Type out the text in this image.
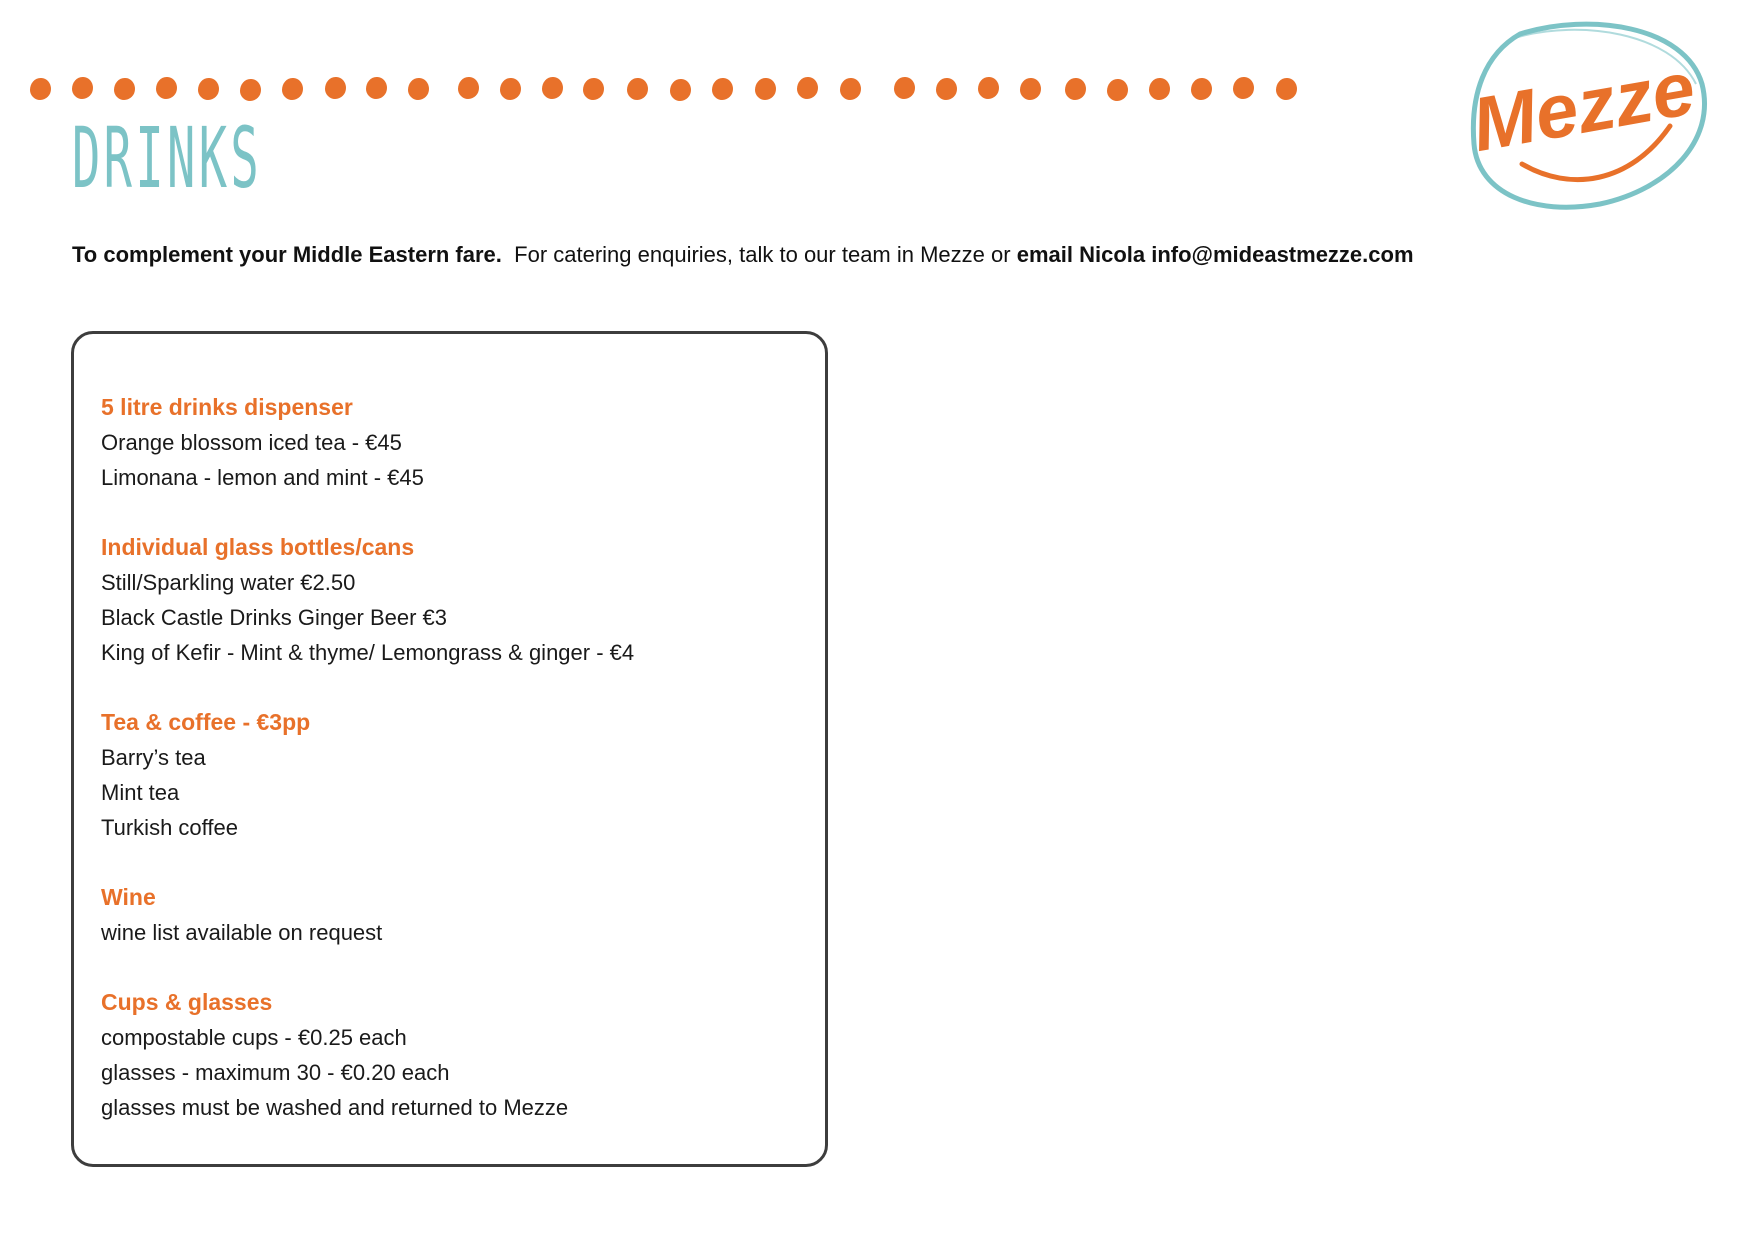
DRINKS	Mezze

To complement your Middle Eastern fare. For catering enquiries, talk to our team in Mezze or email Nicola info@mideastmezze.com

5 litre drinks dispenser
Orange blossom iced tea - €45
Limonana - lemon and mint - €45
Individual glass bottles/cans
Still/Sparkling water €2.50
Black Castle Drinks Ginger Beer €3
King of Kefir - Mint & thyme/ Lemongrass & ginger - €4
Tea & coffee - €3pp
Barry’s tea
Mint tea
Turkish coffee
Wine
wine list available on request
Cups & glasses
compostable cups - €0.25 each
glasses - maximum 30 - €0.20 each
glasses must be washed and returned to Mezze
